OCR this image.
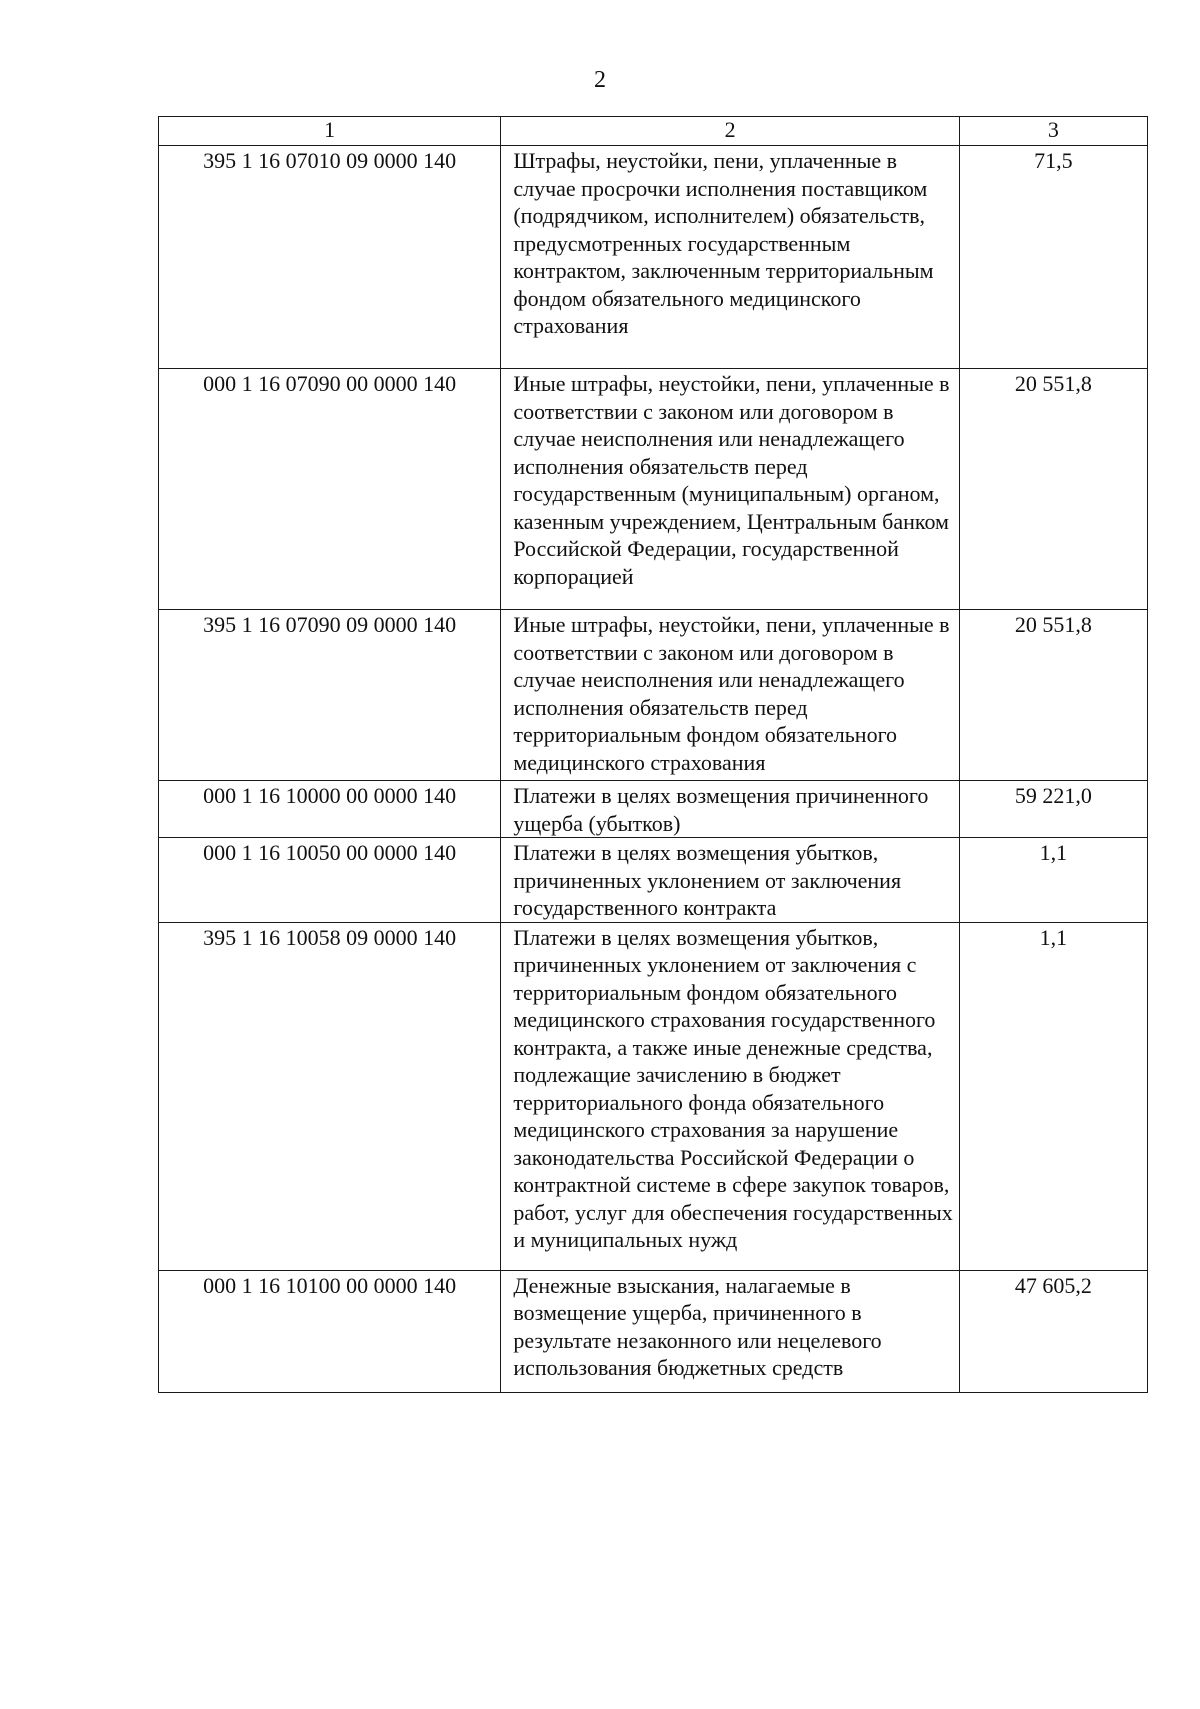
2
1	2	3
395 1 16 07010 09 0000 140	Штрафы, неустойки, пени, уплаченные в случае просрочки исполнения поставщиком (подрядчиком, исполнителем) обязательств, предусмотренных государственным контрактом, заключенным территориальным фондом обязательного медицинского страхования	71,5
000 1 16 07090 00 0000 140	Иные штрафы, неустойки, пени, уплаченные в соответствии с законом или договором в случае неисполнения или ненадлежащего исполнения обязательств перед государственным (муниципальным) органом, казенным учреждением, Центральным банком Российской Федерации, государственной корпорацией	20 551,8
395 1 16 07090 09 0000 140	Иные штрафы, неустойки, пени, уплаченные в соответствии с законом или договором в случае неисполнения или ненадлежащего исполнения обязательств перед территориальным фондом обязательного медицинского страхования	20 551,8
000 1 16 10000 00 0000 140	Платежи в целях возмещения причиненного ущерба (убытков)	59 221,0
000 1 16 10050 00 0000 140	Платежи в целях возмещения убытков, причиненных уклонением от заключения государственного контракта	1,1
395 1 16 10058 09 0000 140	Платежи в целях возмещения убытков, причиненных уклонением от заключения с территориальным фондом обязательного медицинского страхования государственного контракта, а также иные денежные средства, подлежащие зачислению в бюджет территориального фонда обязательного медицинского страхования за нарушение законодательства Российской Федерации о контрактной системе в сфере закупок товаров, работ, услуг для обеспечения государственных и муниципальных нужд	1,1
000 1 16 10100 00 0000 140	Денежные взыскания, налагаемые в возмещение ущерба, причиненного в результате незаконного или нецелевого использования бюджетных средств	47 605,2
